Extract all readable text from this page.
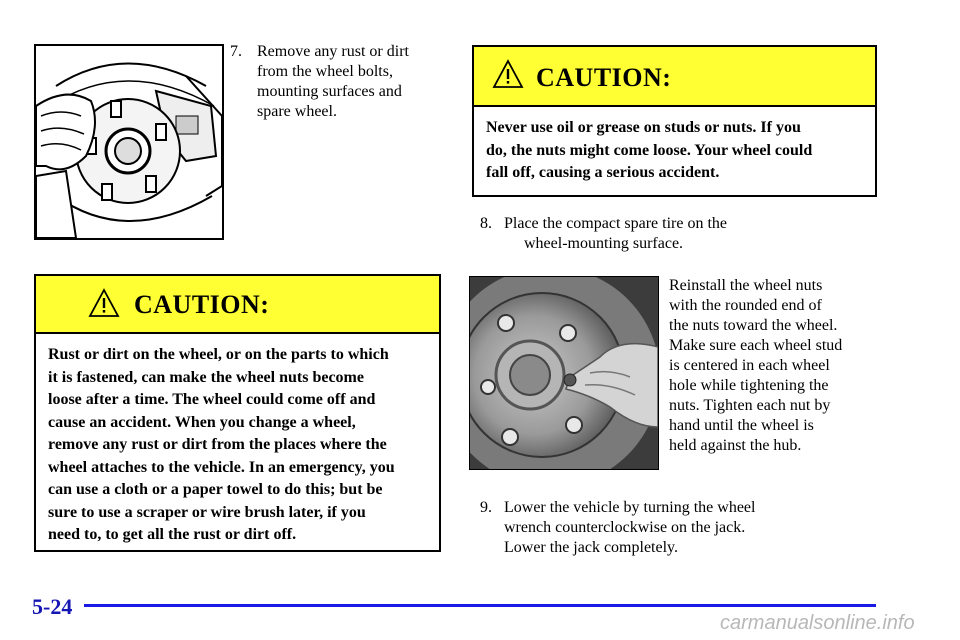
7. Remove any rust or dirt
from the wheel bolts,
mounting surfaces and
spare wheel.
CAUTION:
Rust or dirt on the wheel, or on the parts to which
it is fastened, can make the wheel nuts become
loose after a time. The wheel could come off and
cause an accident. When you change a wheel,
remove any rust or dirt from the places where the
wheel attaches to the vehicle. In an emergency, you
can use a cloth or a paper towel to do this; but be
sure to use a scraper or wire brush later, if you
need to, to get all the rust or dirt off.
CAUTION:
Never use oil or grease on studs or nuts. If you
do, the nuts might come loose. Your wheel could
fall off, causing a serious accident.
8. Place the compact spare tire on the
wheel-mounting surface.
Reinstall the wheel nuts
with the rounded end of
the nuts toward the wheel.
Make sure each wheel stud
is centered in each wheel
hole while tightening the
nuts. Tighten each nut by
hand until the wheel is
held against the hub.
9. Lower the vehicle by turning the wheel
wrench counterclockwise on the jack.
Lower the jack completely.
5-24
carmanualsonline.info
